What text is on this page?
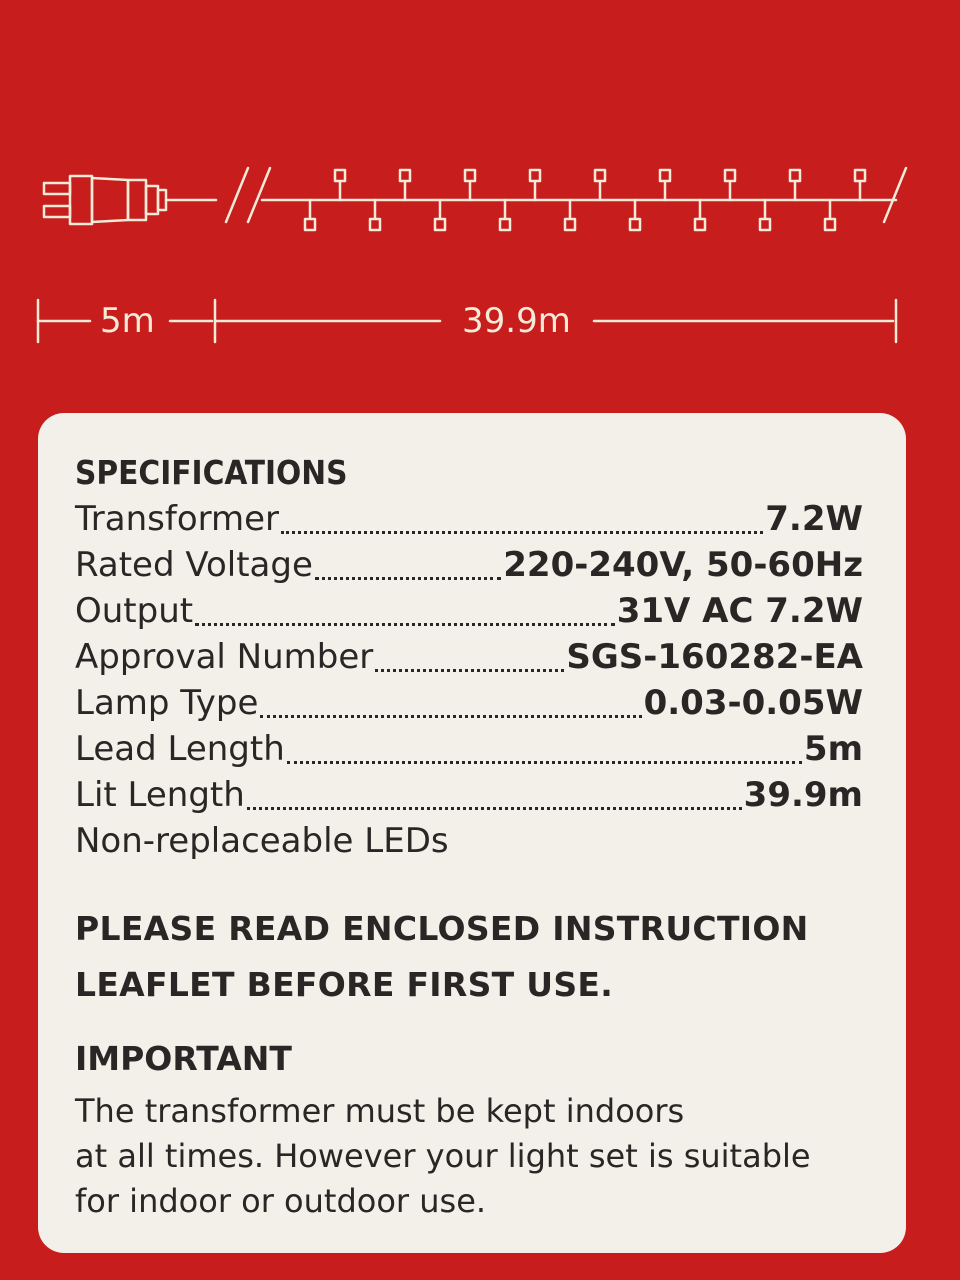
5m	39.9m
SPECIFICATIONS
Transformer	7.2W
Rated Voltage	220-240V, 50-60Hz
Output	31V AC 7.2W
Approval Number	SGS-160282-EA
Lamp Type	0.03-0.05W
Lead Length	5m
Lit Length	39.9m
Non-replaceable LEDs
PLEASE READ ENCLOSED INSTRUCTION
LEAFLET BEFORE FIRST USE.
IMPORTANT
The transformer must be kept indoors
at all times. However your light set is suitable
for indoor or outdoor use.
